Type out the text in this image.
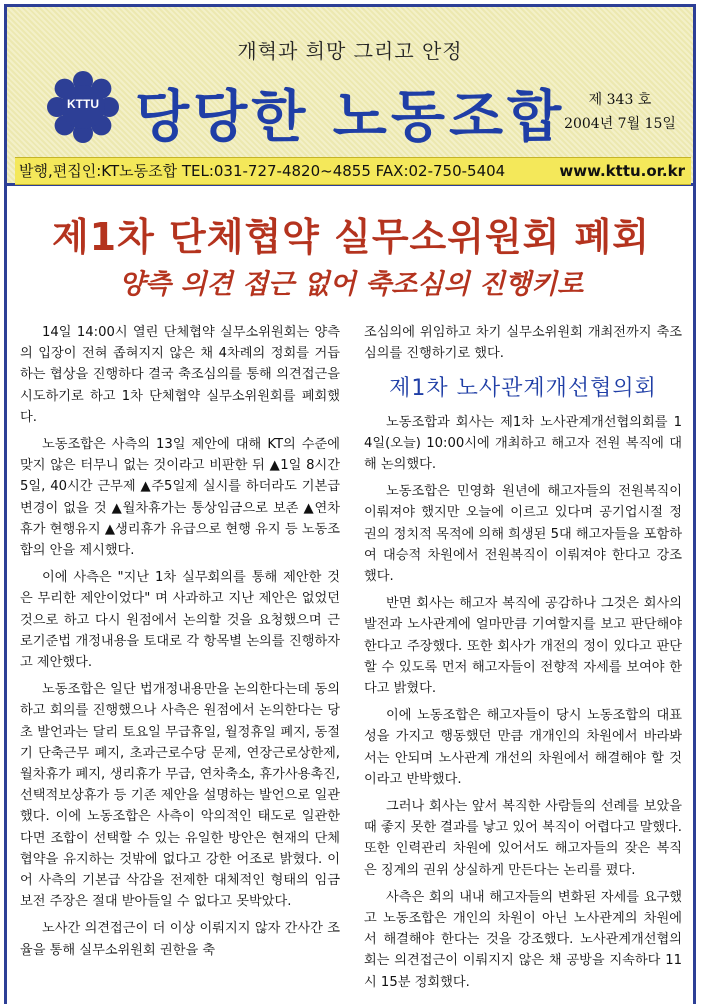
개혁과 희망 그리고 안정
KTTU 당당한 노동조합	제 343 호
2004년 7월 15일
발행,편집인:KT노동조합 TEL:031-727-4820~4855 FAX:02-750-5404	www.kttu.or.kr
제1차 단체협약 실무소위원회 폐회
양측 의견 접근 없어 축조심의 진행키로

14일 14:00시 열린 단체협약 실무소위원회는 양측의 입장이 전혀 좁혀지지 않은 채 4차례의 정회를 거듭하는 협상을 진행하다 결국 축조심의를 통해 의견접근을 시도하기로 하고 1차 단체협약 실무소위원회를 폐회했다.

노동조합은 사측의 13일 제안에 대해 KT의 수준에 맞지 않은 터무니 없는 것이라고 비판한 뒤 ▲1일 8시간 5일, 40시간 근무제 ▲주5일제 실시를 하더라도 기본급 변경이 없을 것 ▲월차휴가는 통상임금으로 보존 ▲연차휴가 현행유지 ▲생리휴가 유급으로 현행 유지 등 노동조합의 안을 제시했다.

이에 사측은 "지난 1차 실무회의를 통해 제안한 것은 무리한 제안이었다" 며 사과하고 지난 제안은 없었던 것으로 하고 다시 원점에서 논의할 것을 요청했으며 근로기준법 개정내용을 토대로 각 항목별 논의를 진행하자고 제안했다.

노동조합은 일단 법개정내용만을 논의한다는데 동의하고 회의를 진행했으나 사측은 원점에서 논의한다는 당초 발언과는 달리 토요일 무급휴일, 월정휴일 폐지, 동절기 단축근무 폐지, 초과근로수당 문제, 연장근로상한제, 월차휴가 폐지, 생리휴가 무급, 연차축소, 휴가사용촉진, 선택적보상휴가 등 기존 제안을 설명하는 발언으로 일관했다. 이에 노동조합은 사측이 악의적인 태도로 일관한다면 조합이 선택할 수 있는 유일한 방안은 현재의 단체협약을 유지하는 것밖에 없다고 강한 어조로 밝혔다. 이어 사측의 기본급 삭감을 전제한 대체적인 형태의 임금보전 주장은 절대 받아들일 수 없다고 못박았다.

노사간 의견접근이 더 이상 이뤄지지 않자 간사간 조율을 통해 실무소위원회 권한을 축

조심의에 위임하고 차기 실무소위원회 개최전까지 축조심의를 진행하기로 했다.

제1차 노사관계개선협의회

노동조합과 회사는 제1차 노사관계개선협의회를 14일(오늘) 10:00시에 개최하고 해고자 전원 복직에 대해 논의했다.

노동조합은 민영화 원년에 해고자들의 전원복직이 이뤄져야 했지만 오늘에 이르고 있다며 공기업시절 정권의 정치적 목적에 의해 희생된 5대 해고자들을 포함하여 대승적 차원에서 전원복직이 이뤄져야 한다고 강조했다.

반면 회사는 해고자 복직에 공감하나 그것은 회사의 발전과 노사관계에 얼마만큼 기여할지를 보고 판단해야 한다고 주장했다. 또한 회사가 개전의 정이 있다고 판단할 수 있도록 먼저 해고자들이 전향적 자세를 보여야 한다고 밝혔다.

이에 노동조합은 해고자들이 당시 노동조합의 대표성을 가지고 행동했던 만큼 개개인의 차원에서 바라봐서는 안되며 노사관계 개선의 차원에서 해결해야 할 것이라고 반박했다.

그러나 회사는 앞서 복직한 사람들의 선례를 보았을 때 좋지 못한 결과를 낳고 있어 복직이 어렵다고 말했다. 또한 인력관리 차원에 있어서도 해고자들의 잦은 복직은 징계의 권위 상실하게 만든다는 논리를 폈다.

사측은 회의 내내 해고자들의 변화된 자세를 요구했고 노동조합은 개인의 차원이 아닌 노사관계의 차원에서 해결해야 한다는 것을 강조했다. 노사관계개선협의회는 의견접근이 이뤄지지 않은 채 공방을 지속하다 11시 15분 정회했다.
